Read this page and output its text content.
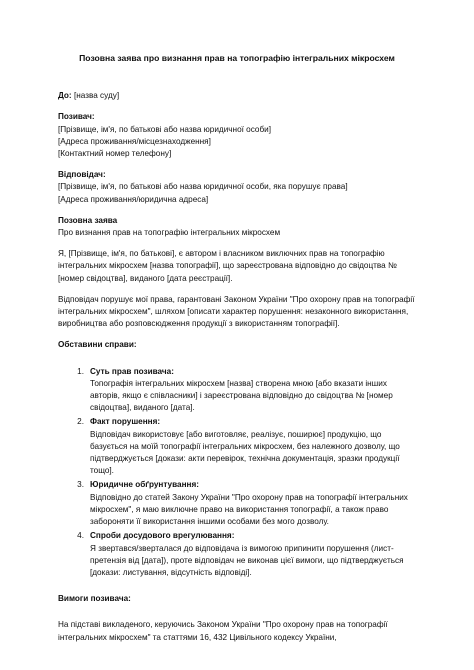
Позовна заява про визнання прав на топографію інтегральних мікросхем
До: [назва суду]
Позивач:
[Прізвище, ім'я, по батькові або назва юридичної особи]
[Адреса проживання/місцезнаходження]
[Контактний номер телефону]
Відповідач:
[Прізвище, ім'я, по батькові або назва юридичної особи, яка порушує права]
[Адреса проживання/юридична адреса]
Позовна заява
Про визнання прав на топографію інтегральних мікросхем

Я, [Прізвище, ім'я, по батькові], є автором і власником виключних прав на топографію інтегральних мікросхем [назва топографії], що зареєстрована відповідно до свідоцтва № [номер свідоцтва], виданого [дата реєстрації].

Відповідач порушує мої права, гарантовані Законом України "Про охорону прав на топографії інтегральних мікросхем", шляхом [описати характер порушення: незаконного використання, виробництва або розповсюдження продукції з використанням топографії].

Обставини справи:
1. Суть прав позивача:
Топографія інтегральних мікросхем [назва] створена мною [або вказати інших авторів, якщо є співласники] і зареєстрована відповідно до свідоцтва № [номер свідоцтва], виданого [дата].
2. Факт порушення:
Відповідач використовує [або виготовляє, реалізує, поширює] продукцію, що базується на моїй топографії інтегральних мікросхем, без належного дозволу, що підтверджується [докази: акти перевірок, технічна документація, зразки продукції тощо].
3. Юридичне обґрунтування:
Відповідно до статей Закону України "Про охорону прав на топографії інтегральних мікросхем", я маю виключне право на використання топографії, а також право забороняти її використання іншими особами без мого дозволу.
4. Спроби досудового врегулювання:
Я звертався/зверталася до відповідача із вимогою припинити порушення (лист-претензія від [дата]), проте відповідач не виконав цієї вимоги, що підтверджується [докази: листування, відсутність відповіді].
Вимоги позивача:

На підставі викладеного, керуючись Законом України "Про охорону прав на топографії інтегральних мікросхем" та статтями 16, 432 Цивільного кодексу України,
